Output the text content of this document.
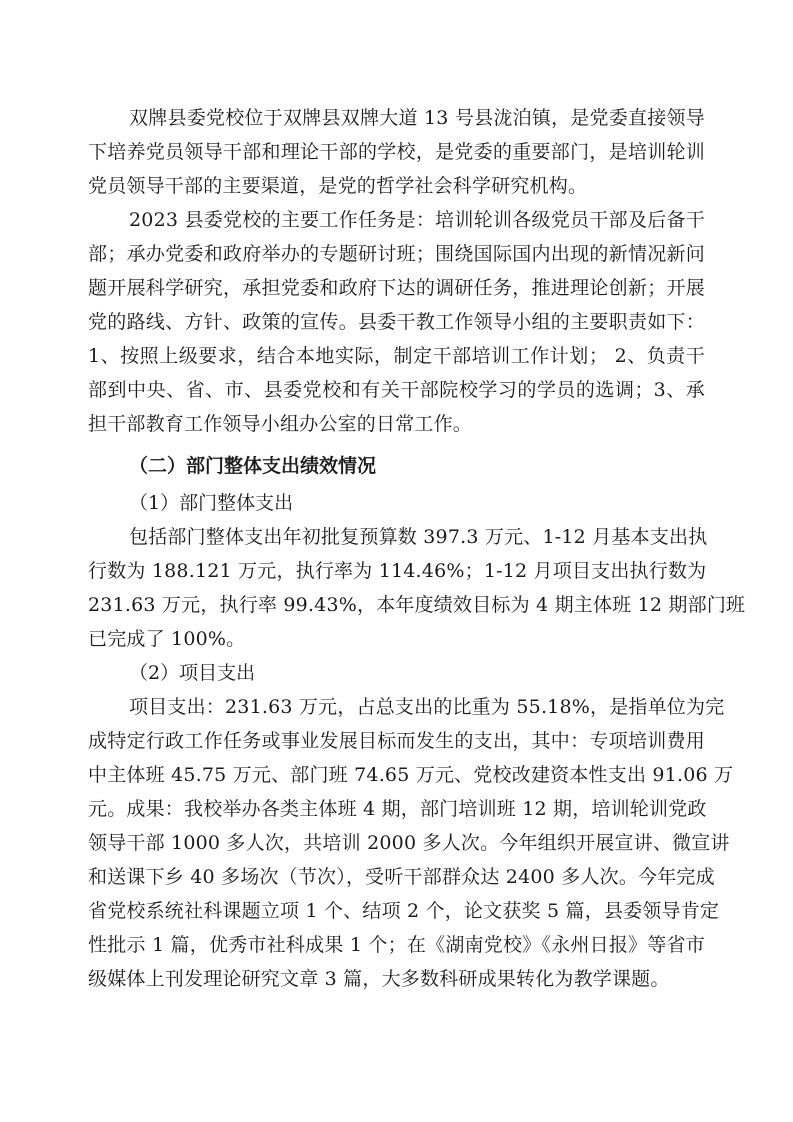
双牌县委党校位于双牌县双牌大道 13 号县泷泊镇，是党委直接领导
下培养党员领导干部和理论干部的学校，是党委的重要部门，是培训轮训
党员领导干部的主要渠道，是党的哲学社会科学研究机构。
2023 县委党校的主要工作任务是：培训轮训各级党员干部及后备干
部；承办党委和政府举办的专题研讨班；围绕国际国内出现的新情况新问
题开展科学研究，承担党委和政府下达的调研任务，推进理论创新；开展
党的路线、方针、政策的宣传。县委干教工作领导小组的主要职责如下：
1、按照上级要求，结合本地实际，制定干部培训工作计划； 2、负责干
部到中央、省、市、县委党校和有关干部院校学习的学员的选调；3、承
担干部教育工作领导小组办公室的日常工作。
（二）部门整体支出绩效情况
（1）部门整体支出
包括部门整体支出年初批复预算数 397.3 万元、1-12 月基本支出执
行数为 188.121 万元，执行率为 114.46%；1-12 月项目支出执行数为
231.63 万元，执行率 99.43%，本年度绩效目标为 4 期主体班 12 期部门班
已完成了 100%。
（2）项目支出
项目支出：231.63 万元，占总支出的比重为 55.18%，是指单位为完
成特定行政工作任务或事业发展目标而发生的支出，其中：专项培训费用
中主体班 45.75 万元、部门班 74.65 万元、党校改建资本性支出 91.06 万
元。成果：我校举办各类主体班 4 期，部门培训班 12 期，培训轮训党政
领导干部 1000 多人次，共培训 2000 多人次。今年组织开展宣讲、微宣讲
和送课下乡 40 多场次（节次），受听干部群众达 2400 多人次。今年完成
省党校系统社科课题立项 1 个、结项 2 个，论文获奖 5 篇，县委领导肯定
性批示 1 篇，优秀市社科成果 1 个；在《湖南党校》《永州日报》等省市
级媒体上刊发理论研究文章 3 篇，大多数科研成果转化为教学课题。
